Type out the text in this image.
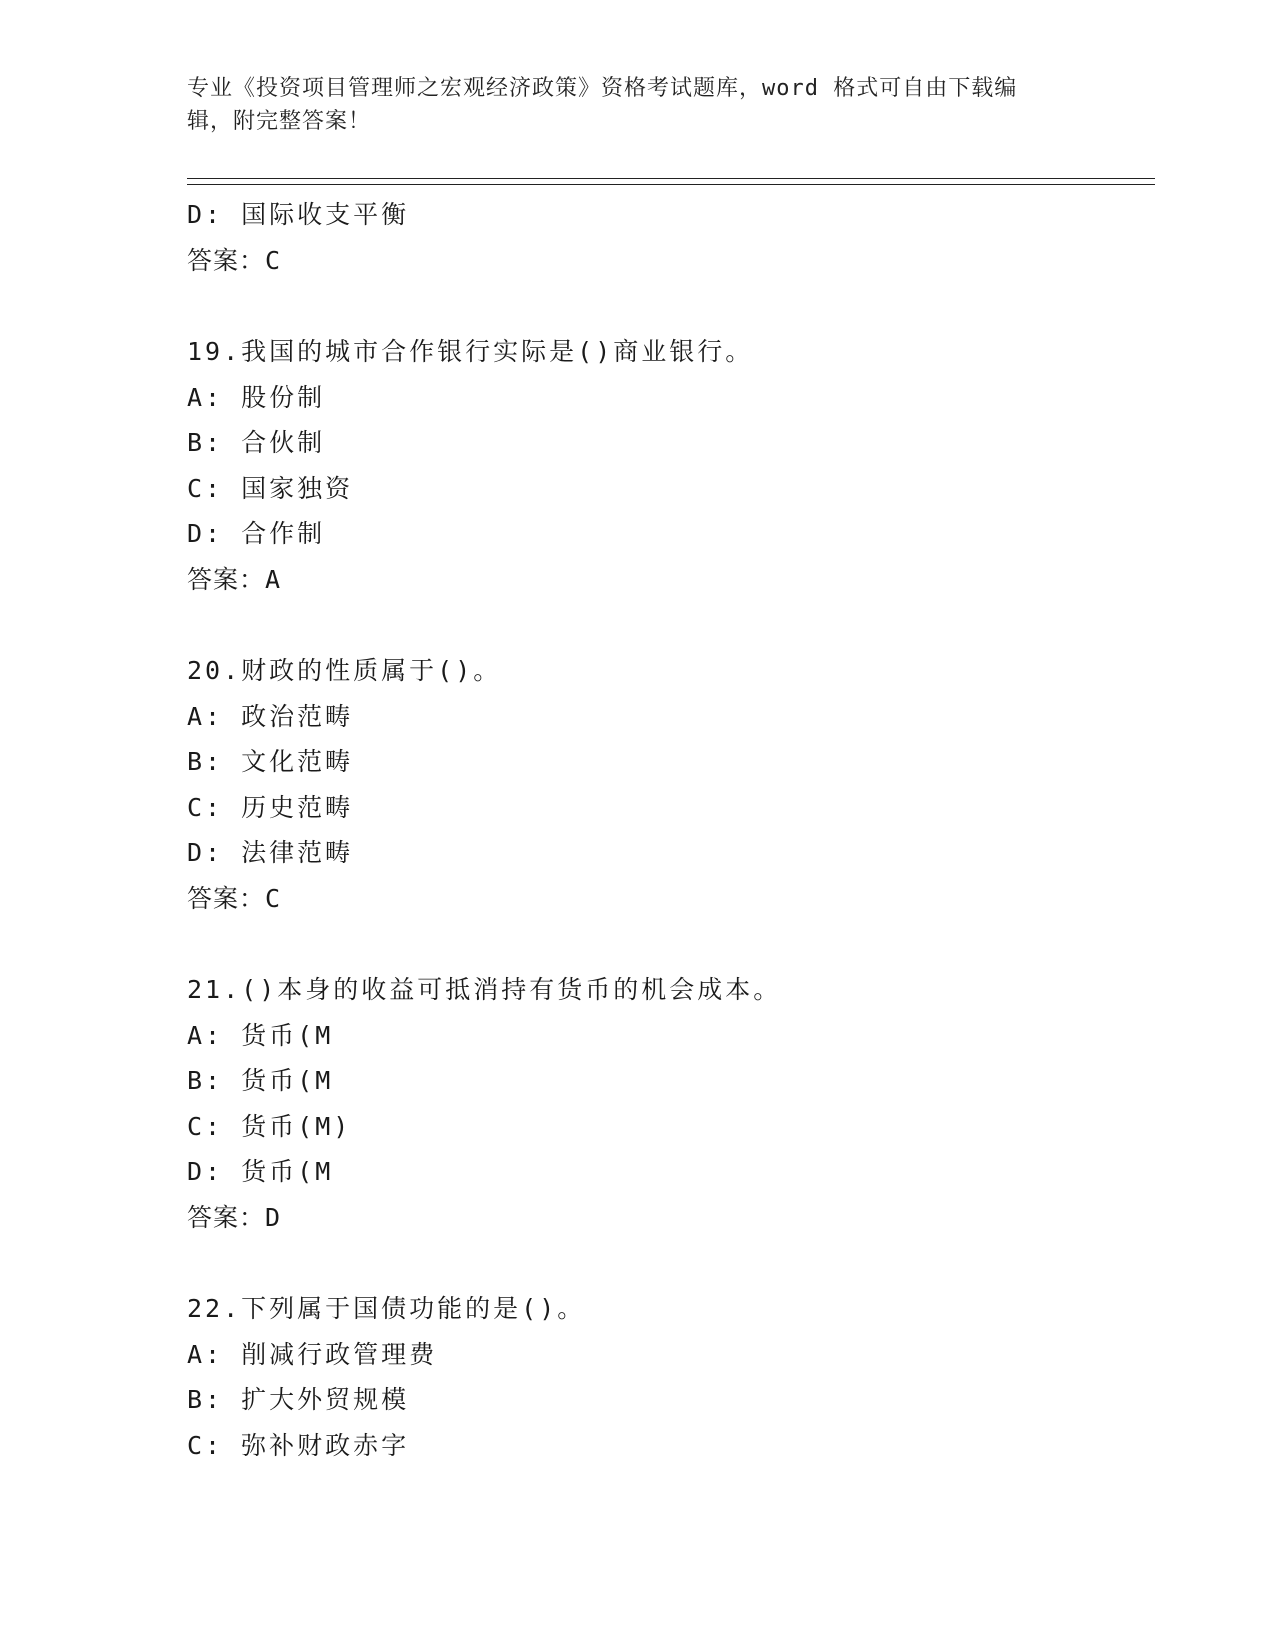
专业《投资项目管理师之宏观经济政策》资格考试题库，word 格式可自由下载编
辑，附完整答案！
D: 国际收支平衡
答案：C
19.我国的城市合作银行实际是()商业银行。
A: 股份制
B: 合伙制
C: 国家独资
D: 合作制
答案：A
20.财政的性质属于()。
A: 政治范畴
B: 文化范畴
C: 历史范畴
D: 法律范畴
答案：C
21.()本身的收益可抵消持有货币的机会成本。
A: 货币(M
B: 货币(M
C: 货币(M)
D: 货币(M
答案：D
22.下列属于国债功能的是()。
A: 削减行政管理费
B: 扩大外贸规模
C: 弥补财政赤字
